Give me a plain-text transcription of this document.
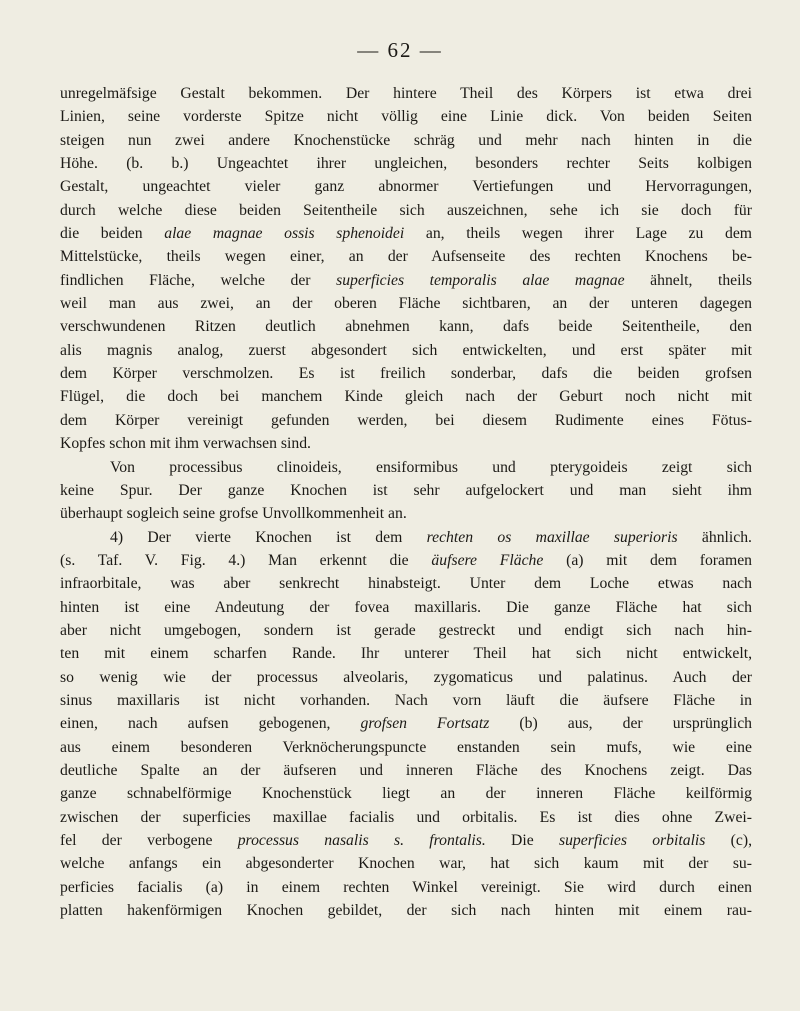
— 62 —
unregelmäfsige Gestalt bekommen. Der hintere Theil des Körpers ist etwa drei
Linien, seine vorderste Spitze nicht völlig eine Linie dick. Von beiden Seiten
steigen nun zwei andere Knochenstücke schräg und mehr nach hinten in die
Höhe. (b. b.) Ungeachtet ihrer ungleichen, besonders rechter Seits kolbigen
Gestalt, ungeachtet vieler ganz abnormer Vertiefungen und Hervorragungen,
durch welche diese beiden Seitentheile sich auszeichnen, sehe ich sie doch für
die beiden alae magnae ossis sphenoidei an, theils wegen ihrer Lage zu dem
Mittelstücke, theils wegen einer, an der Aufsenseite des rechten Knochens be-
findlichen Fläche, welche der superficies temporalis alae magnae ähnelt, theils
weil man aus zwei, an der oberen Fläche sichtbaren, an der unteren dagegen
verschwundenen Ritzen deutlich abnehmen kann, dafs beide Seitentheile, den
alis magnis analog, zuerst abgesondert sich entwickelten, und erst später mit
dem Körper verschmolzen. Es ist freilich sonderbar, dafs die beiden grofsen
Flügel, die doch bei manchem Kinde gleich nach der Geburt noch nicht mit
dem Körper vereinigt gefunden werden, bei diesem Rudimente eines Fötus-
Kopfes schon mit ihm verwachsen sind.
Von processibus clinoideis, ensiformibus und pterygoideis zeigt sich
keine Spur. Der ganze Knochen ist sehr aufgelockert und man sieht ihm
überhaupt sogleich seine grofse Unvollkommenheit an.
4) Der vierte Knochen ist dem rechten os maxillae superioris ähnlich.
(s. Taf. V. Fig. 4.) Man erkennt die äufsere Fläche (a) mit dem foramen
infraorbitale, was aber senkrecht hinabsteigt. Unter dem Loche etwas nach
hinten ist eine Andeutung der fovea maxillaris. Die ganze Fläche hat sich
aber nicht umgebogen, sondern ist gerade gestreckt und endigt sich nach hin-
ten mit einem scharfen Rande. Ihr unterer Theil hat sich nicht entwickelt,
so wenig wie der processus alveolaris, zygomaticus und palatinus. Auch der
sinus maxillaris ist nicht vorhanden. Nach vorn läuft die äufsere Fläche in
einen, nach aufsen gebogenen, grofsen Fortsatz (b) aus, der ursprünglich
aus einem besonderen Verknöcherungspuncte enstanden sein mufs, wie eine
deutliche Spalte an der äufseren und inneren Fläche des Knochens zeigt. Das
ganze schnabelförmige Knochenstück liegt an der inneren Fläche keilförmig
zwischen der superficies maxillae facialis und orbitalis. Es ist dies ohne Zwei-
fel der verbogene processus nasalis s. frontalis. Die superficies orbitalis (c),
welche anfangs ein abgesonderter Knochen war, hat sich kaum mit der su-
perficies facialis (a) in einem rechten Winkel vereinigt. Sie wird durch einen
platten hakenförmigen Knochen gebildet, der sich nach hinten mit einem rau-
